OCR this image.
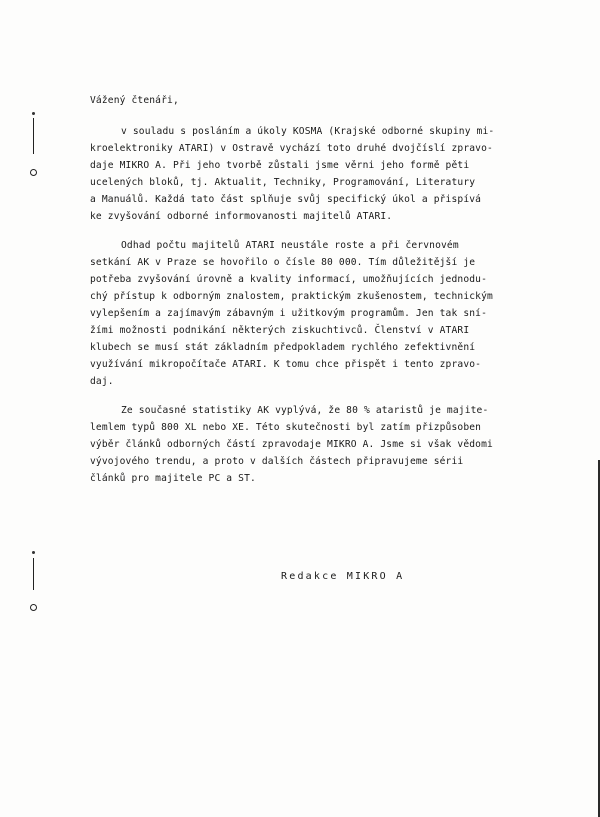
Vážený čtenáři,
v souladu s posláním a úkoly KOSMA (Krajské odborné skupiny mi-
kroelektroniky ATARI) v Ostravě vychází toto druhé dvojčíslí zpravo-
daje MIKRO A. Při jeho tvorbě zůstali jsme věrni jeho formě pěti
ucelených bloků, tj. Aktualit, Techniky, Programování, Literatury
a Manuálů. Každá tato část splňuje svůj specifický úkol a přispívá
ke zvyšování odborné informovanosti majitelů ATARI.
Odhad počtu majitelů ATARI neustále roste a při červnovém
setkání AK v Praze se hovořilo o čísle 80 000. Tím důležitější je
potřeba zvyšování úrovně a kvality informací, umožňujících jednodu-
chý přístup k odborným znalostem, praktickým zkušenostem, technickým
vylepšením a zajímavým zábavným i užitkovým programům. Jen tak sní-
žími možnosti podnikání některých ziskuchtivců. Členství v ATARI
klubech se musí stát základním předpokladem rychlého zefektivnění
využívání mikropočítače ATARI. K tomu chce přispět i tento zpravo-
daj.
Ze současné statistiky AK vyplývá, že 80 % ataristů je majite-
lemlem typů 800 XL nebo XE. Této skutečnosti byl zatím přizpůsoben
výběr článků odborných částí zpravodaje MIKRO A. Jsme si však vědomi
vývojového trendu, a proto v dalších částech připravujeme sérii
článků pro majitele PC a ST.
Redakce MIKRO A
